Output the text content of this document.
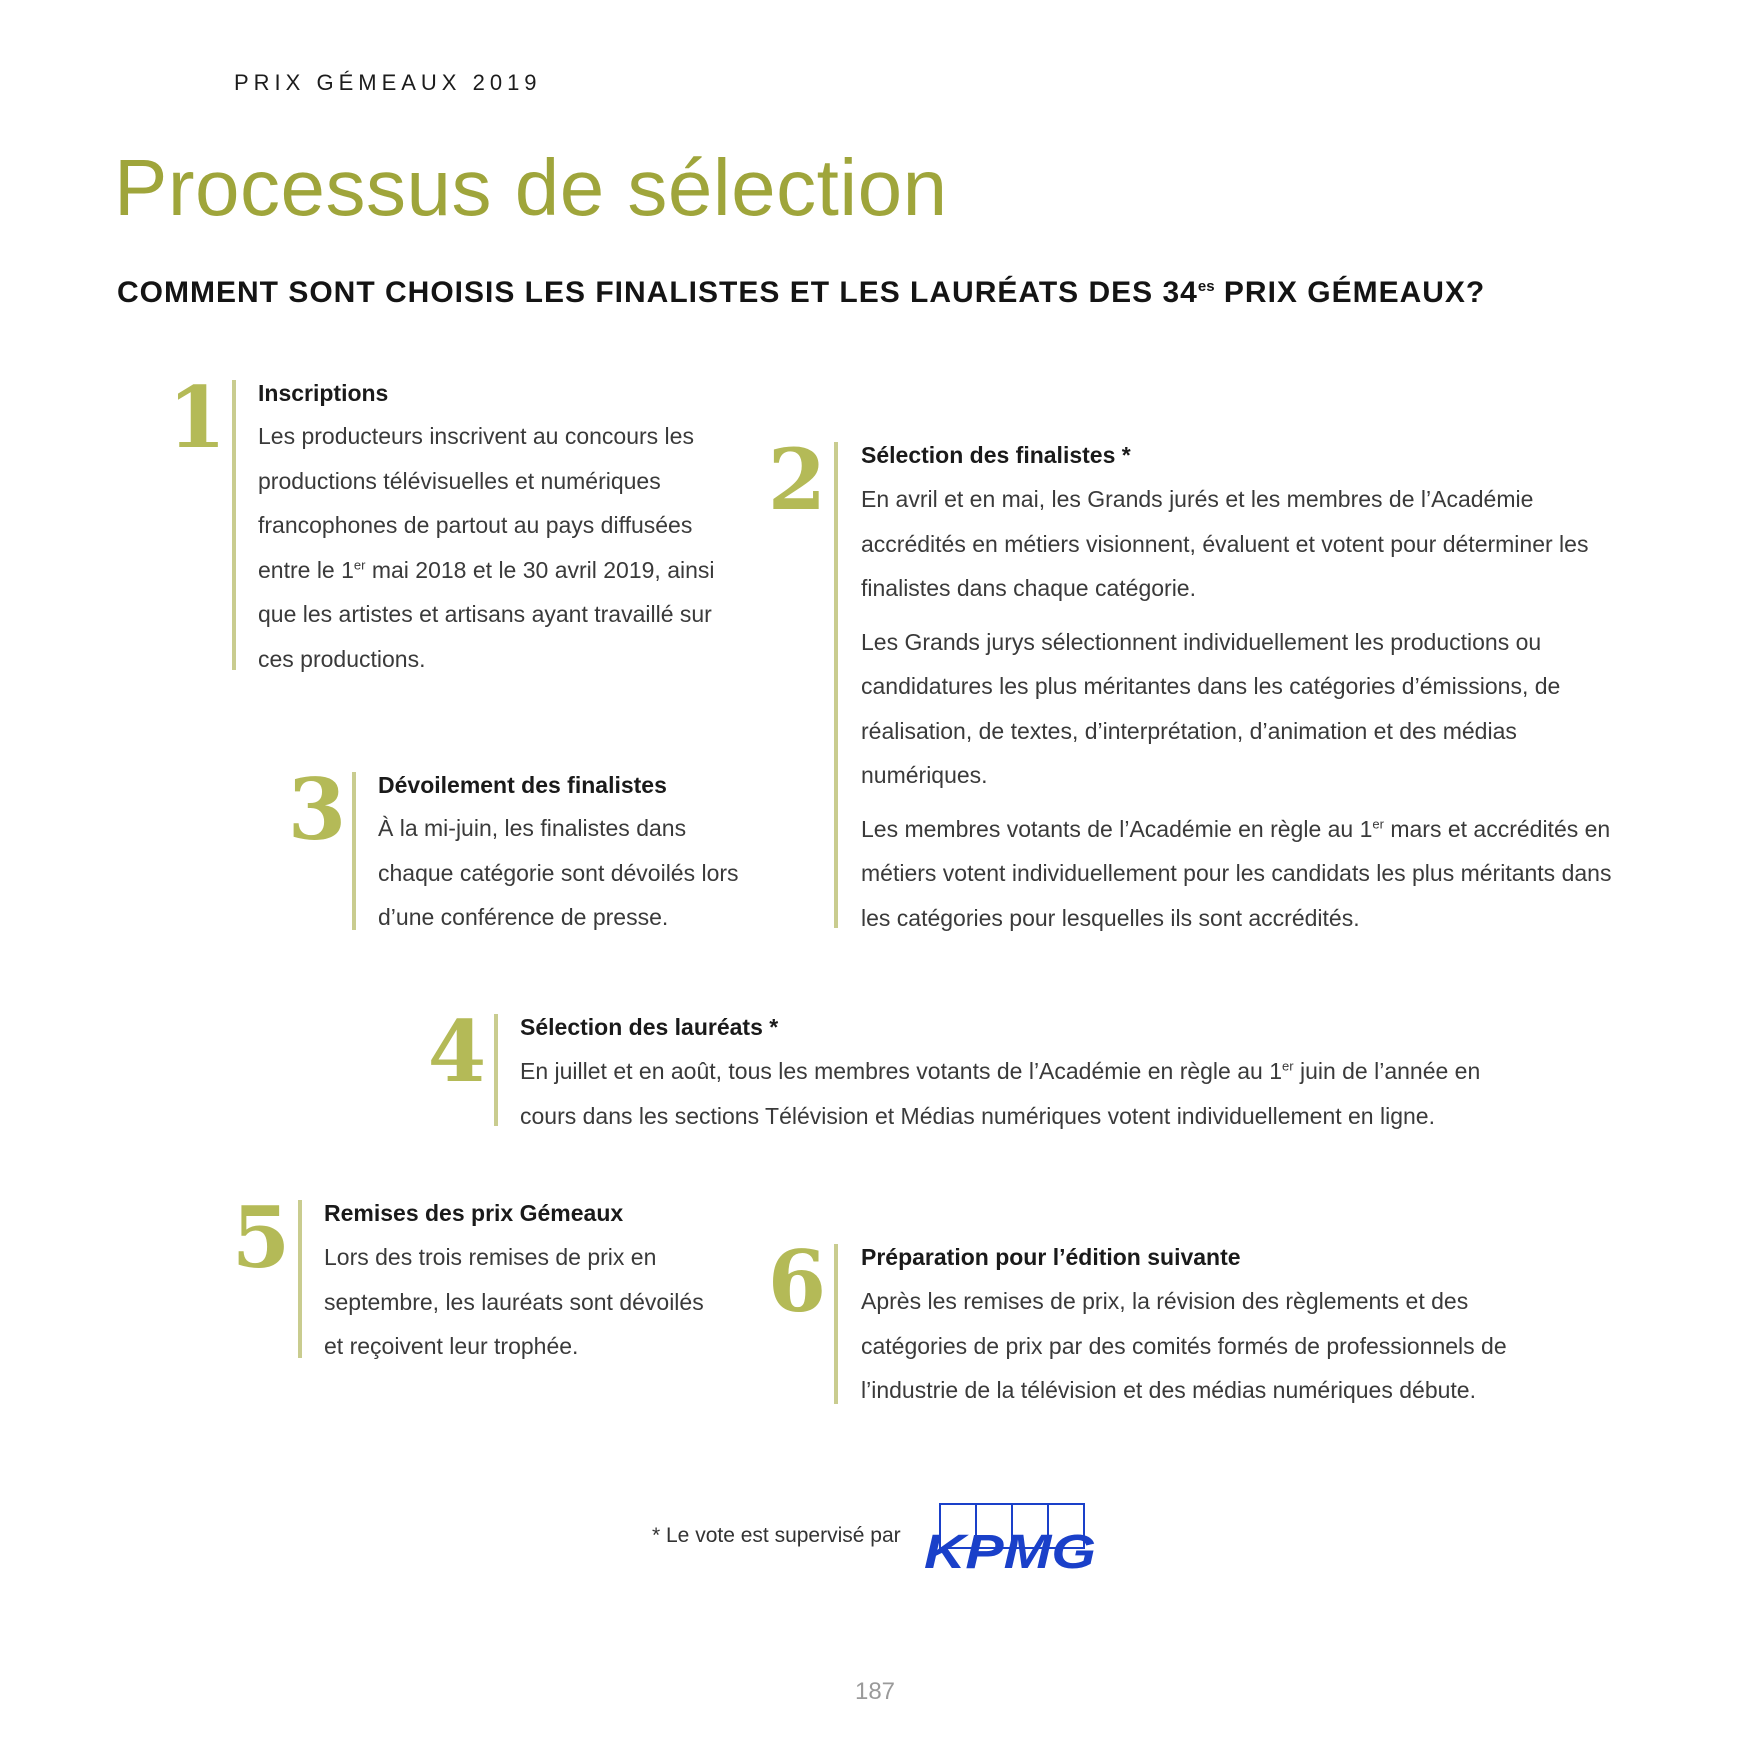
PRIX GÉMEAUX 2019
Processus de sélection
COMMENT SONT CHOISIS LES FINALISTES ET LES LAURÉATS DES $34^{es}$ PRIX GÉMEAUX?
1 Inscriptions
Les producteurs inscrivent au concours les productions télévisuelles et numériques francophones de partout au pays diffusées entre le 1er mai 2018 et le 30 avril 2019, ainsi que les artistes et artisans ayant travaillé sur ces productions.
2 Sélection des finalistes *

En avril et en mai, les Grands jurés et les membres de l’Académie accrédités en métiers visionnent, évaluent et votent pour déterminer les finalistes dans chaque catégorie.

Les Grands jurys sélectionnent individuellement les productions ou candidatures les plus méritantes dans les catégories d’émissions, de réalisation, de textes, d’interprétation, d’animation et des médias numériques.

Les membres votants de l’Académie en règle au 1er mars et accrédités en métiers votent individuellement pour les candidats les plus méritants dans les catégories pour lesquelles ils sont accrédités.

3 Dévoilement des finalistes
À la mi-juin, les finalistes dans chaque catégorie sont dévoilés lors d’une conférence de presse.
4 Sélection des lauréats *
En juillet et en août, tous les membres votants de l’Académie en règle au 1er juin de l’année en cours dans les sections Télévision et Médias numériques votent individuellement en ligne.
5 Remises des prix Gémeaux
Lors des trois remises de prix en septembre, les lauréats sont dévoilés et reçoivent leur trophée.
6 Préparation pour l’édition suivante
Après les remises de prix, la révision des règlements et des catégories de prix par des comités formés de professionnels de l’industrie de la télévision et des médias numériques débute.
* Le vote est supervisé par KPMG
187
